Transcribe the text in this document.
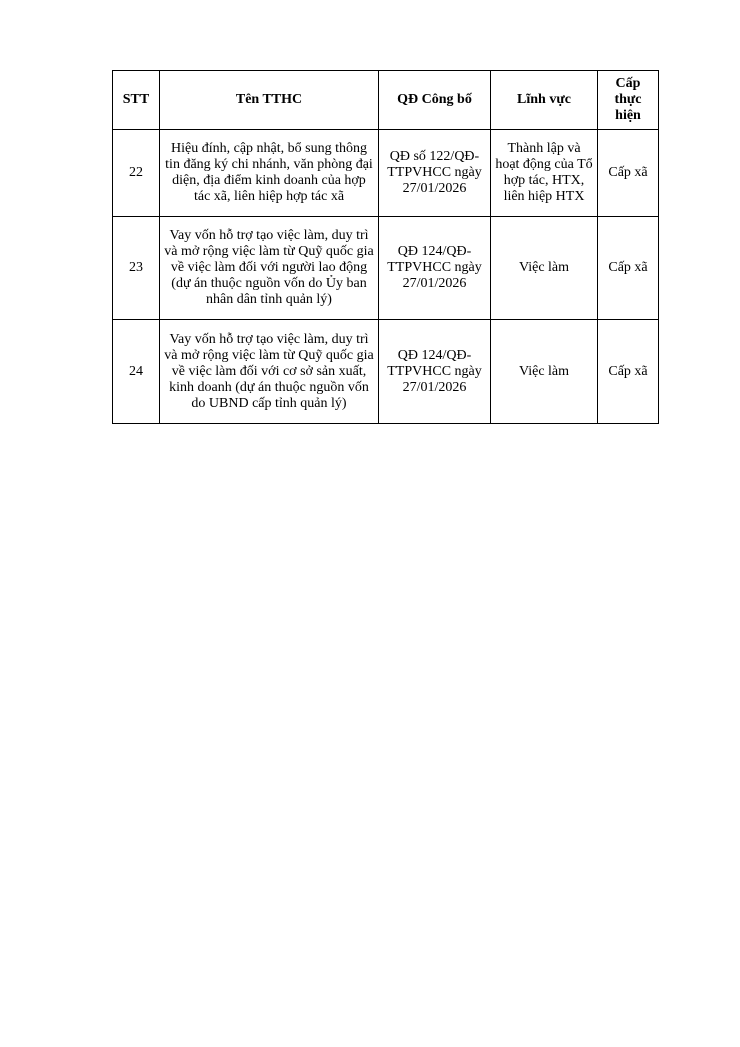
STT	Tên TTHC	QĐ Công bố	Lĩnh vực	Cấp thực hiện
22	Hiệu đính, cập nhật, bổ sung thông tin đăng ký chi nhánh, văn phòng đại diện, địa điểm kinh doanh của hợp tác xã, liên hiệp hợp tác xã	QĐ số 122/QĐ-TTPVHCC ngày 27/01/2026	Thành lập và hoạt động của Tổ hợp tác, HTX, liên hiệp HTX	Cấp xã
23	Vay vốn hỗ trợ tạo việc làm, duy trì và mở rộng việc làm từ Quỹ quốc gia về việc làm đối với người lao động (dự án thuộc nguồn vốn do Ủy ban nhân dân tỉnh quản lý)	QĐ 124/QĐ-TTPVHCC ngày 27/01/2026	Việc làm	Cấp xã
24	Vay vốn hỗ trợ tạo việc làm, duy trì và mở rộng việc làm từ Quỹ quốc gia về việc làm đối với cơ sở sản xuất, kinh doanh (dự án thuộc nguồn vốn do UBND cấp tỉnh quản lý)	QĐ 124/QĐ-TTPVHCC ngày 27/01/2026	Việc làm	Cấp xã
